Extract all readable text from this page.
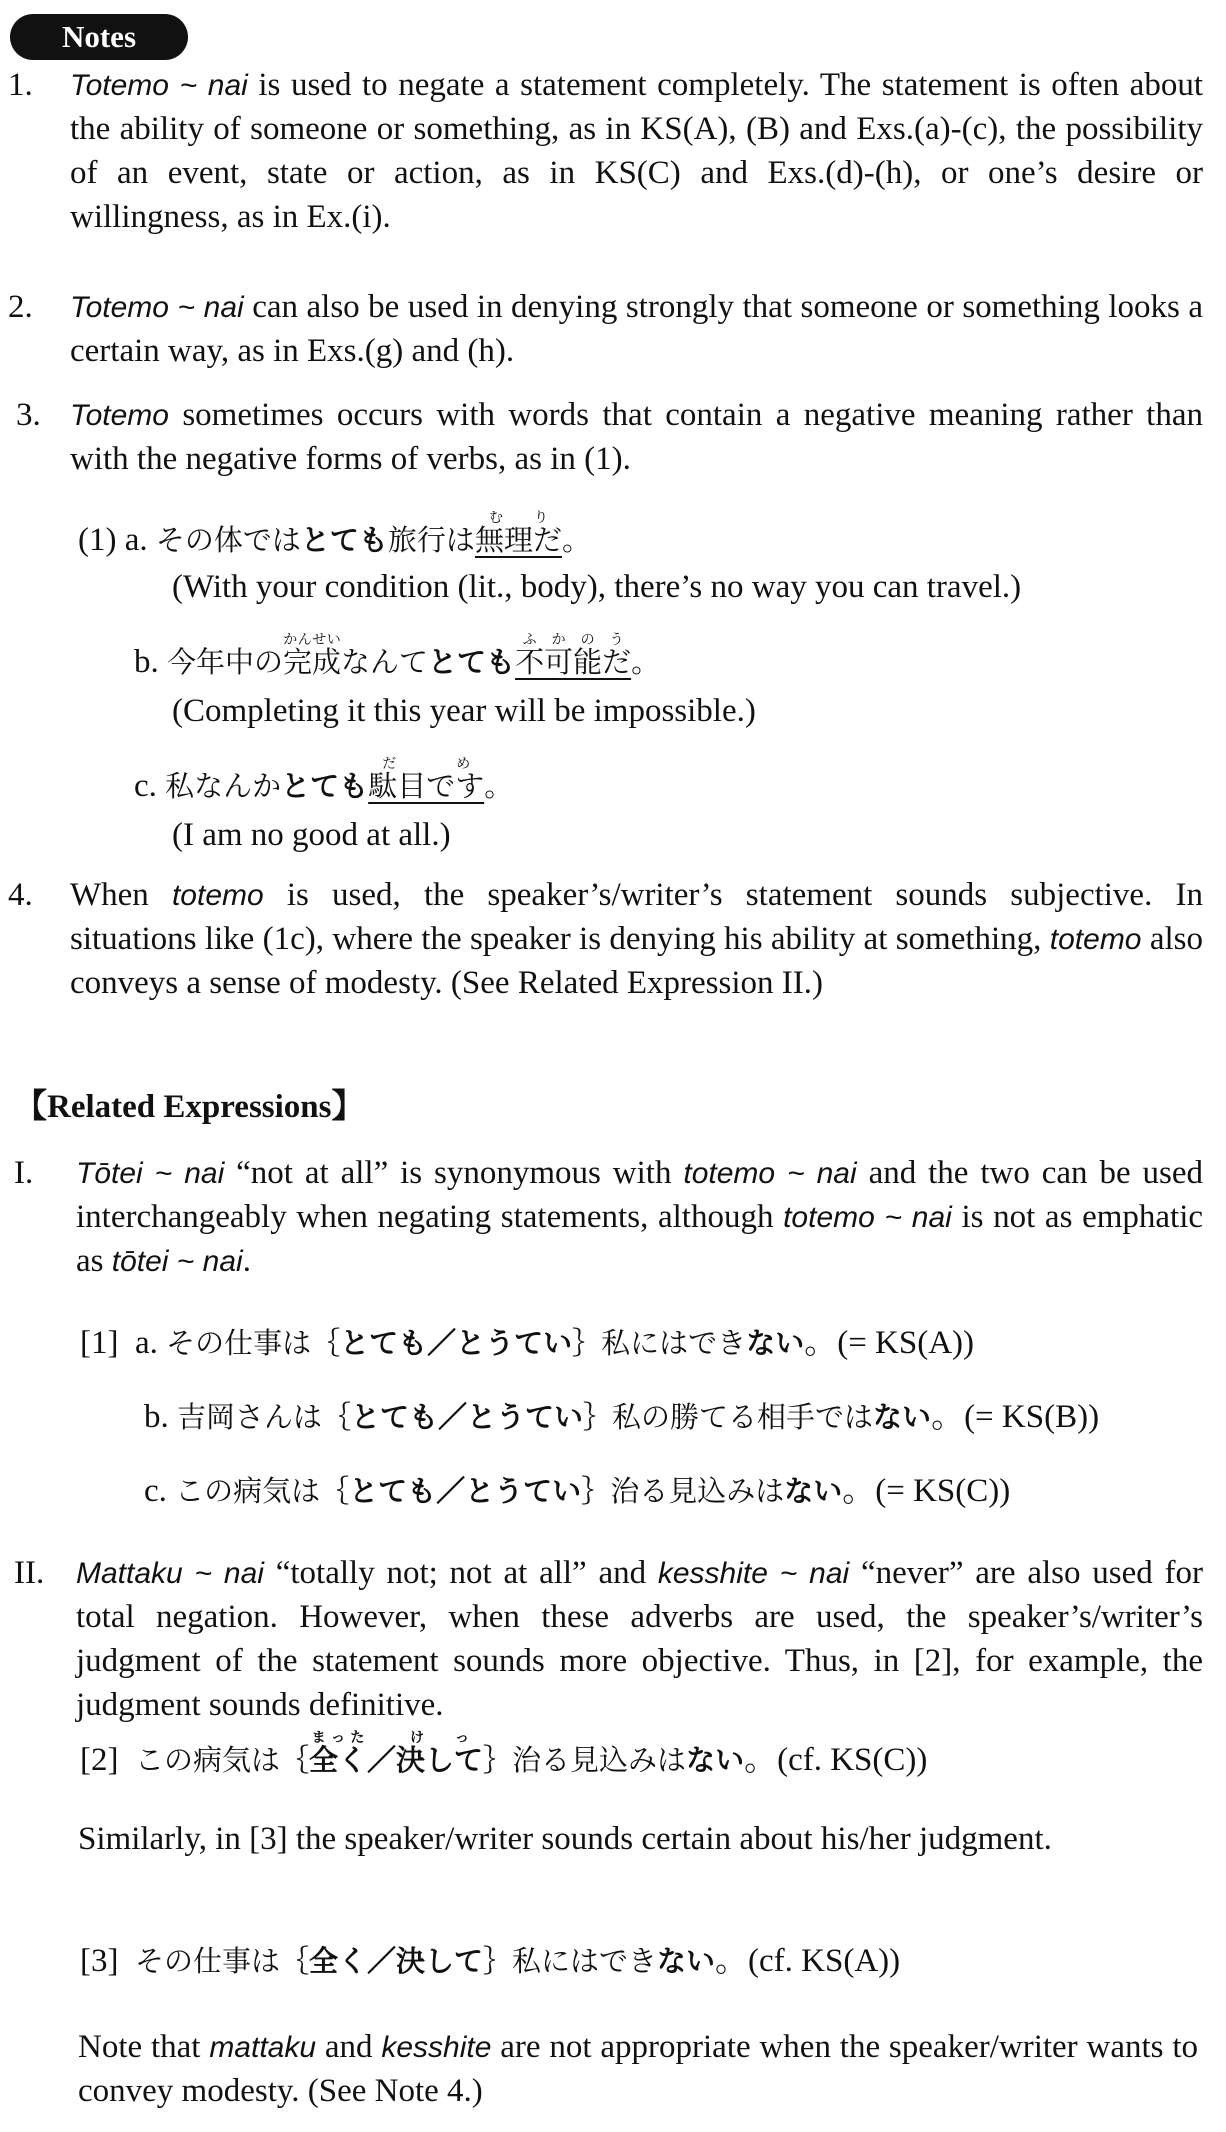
Notes
1. Totemo ~ nai is used to negate a statement completely. The statement is often about the ability of someone or something, as in KS(A), (B) and Exs.(a)-(c), the possibility of an event, state or action, as in KS(C) and Exs.(d)-(h), or one’s desire or willingness, as in Ex.(i).
2. Totemo ~ nai can also be used in denying strongly that someone or something looks a certain way, as in Exs.(g) and (h).
3. Totemo sometimes occurs with words that contain a negative meaning rather than with the negative forms of verbs, as in (1).
(1) a. その体ではとても旅行は無理だむり。
(With your condition (lit., body), there’s no way you can travel.)
b. 今年中の完成かんせいなんてとても不可能だふかのう。
(Completing it this year will be impossible.)
c. 私なんかとても駄目ですだめ。
(I am no good at all.)
4. When totemo is used, the speaker’s/writer’s statement sounds subjective. In situations like (1c), where the speaker is denying his ability at something, totemo also conveys a sense of modesty. (See Related Expression II.)
【Related Expressions】
I. Tōtei ~ nai “not at all” is synonymous with totemo ~ nai and the two can be used interchangeably when negating statements, although totemo ~ nai is not as emphatic as tōtei ~ nai.
[1] a. その仕事は｛とても／とうてい｝私にはできない。(= KS(A))
b. 吉岡さんは｛とても／とうてい｝私の勝てる相手ではない。(= KS(B))
c. この病気は｛とても／とうてい｝治る見込みはない。(= KS(C))
II. Mattaku ~ nai “totally not; not at all” and kesshite ~ nai “never” are also used for total negation. However, when these adverbs are used, the speaker’s/writer’s judgment of the statement sounds more objective. Thus, in [2], for example, the judgment sounds definitive.
[2] この病気は｛全くまった／決してけっ｝治る見込みはない。(cf. KS(C))
Similarly, in [3] the speaker/writer sounds certain about his/her judgment.
[3] その仕事は｛全く／決して｝私にはできない。(cf. KS(A))
Note that mattaku and kesshite are not appropriate when the speaker/writer wants to convey modesty. (See Note 4.)
